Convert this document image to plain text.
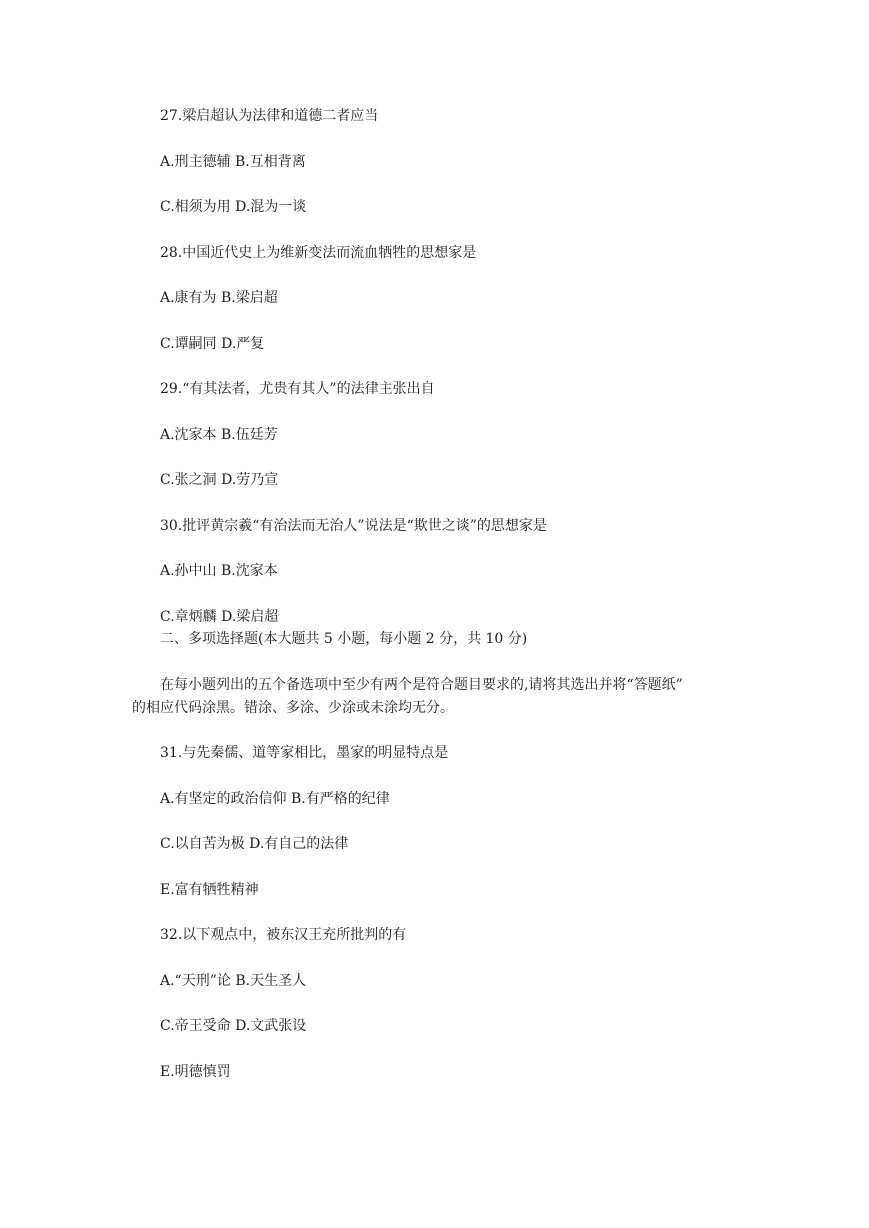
27.梁启超认为法律和道德二者应当
A.刑主德辅 B.互相背离
C.相须为用 D.混为一谈
28.中国近代史上为维新变法而流血牺牲的思想家是
A.康有为 B.梁启超
C.谭嗣同 D.严复
29.“有其法者，尤贵有其人”的法律主张出自
A.沈家本 B.伍廷芳
C.张之洞 D.劳乃宣
30.批评黄宗羲“有治法而无治人”说法是“欺世之谈”的思想家是
A.孙中山 B.沈家本
C.章炳麟 D.梁启超
二、多项选择题(本大题共 5 小题，每小题 2 分，共 10 分)
在每小题列出的五个备选项中至少有两个是符合题目要求的,请将其选出并将“答题纸”
的相应代码涂黑。错涂、多涂、少涂或未涂均无分。
31.与先秦儒、道等家相比，墨家的明显特点是
A.有坚定的政治信仰 B.有严格的纪律
C.以自苦为极 D.有自己的法律
E.富有牺牲精神
32.以下观点中，被东汉王充所批判的有
A.“天刑”论 B.天生圣人
C.帝王受命 D.文武张设
E.明德慎罚
